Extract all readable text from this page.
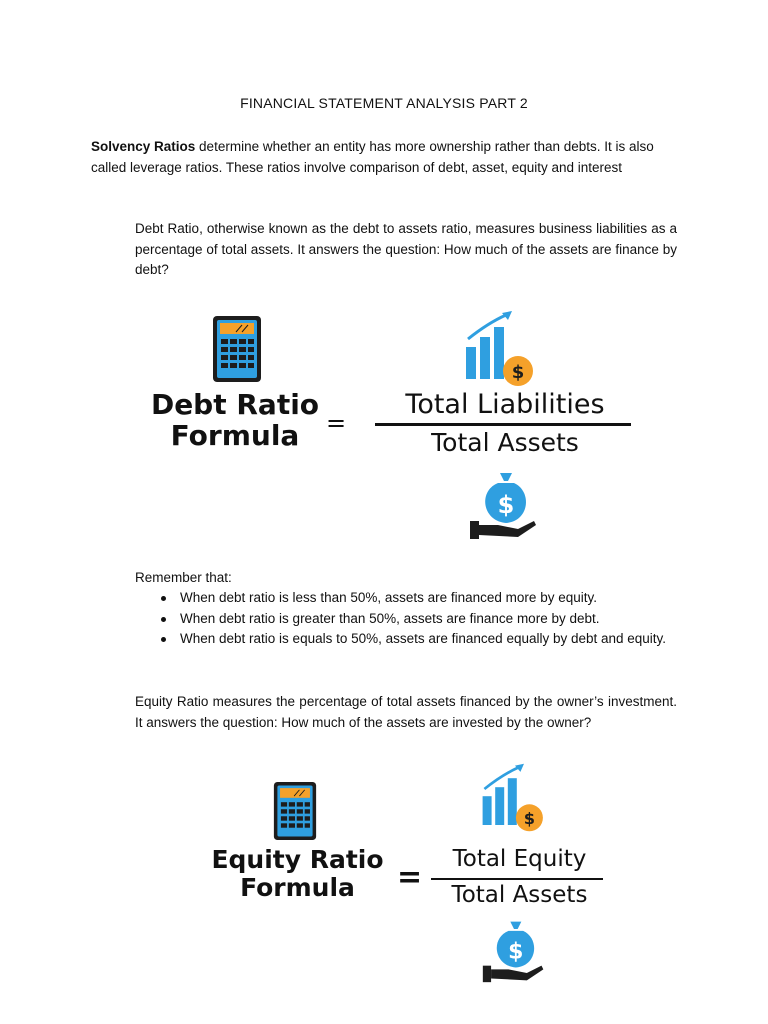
FINANCIAL STATEMENT ANALYSIS PART 2
Solvency Ratios determine whether an entity has more ownership rather than debts. It is also called leverage ratios. These ratios involve comparison of debt, asset, equity and interest
Debt Ratio, otherwise known as the debt to assets ratio, measures business liabilities as a percentage of total assets. It answers the question: How much of the assets are finance by debt?
Debt Ratio
Formula	=
$
Total Liabilities
Total Assets
$
Remember that:
When debt ratio is less than 50%, assets are financed more by equity.
When debt ratio is greater than 50%, assets are finance more by debt.
When debt ratio is equals to 50%, assets are financed equally by debt and equity.
Equity Ratio measures the percentage of total assets financed by the owner’s investment. It answers the question: How much of the assets are invested by the owner?
Equity Ratio
Formula	=
$
Total Equity
Total Assets
$
